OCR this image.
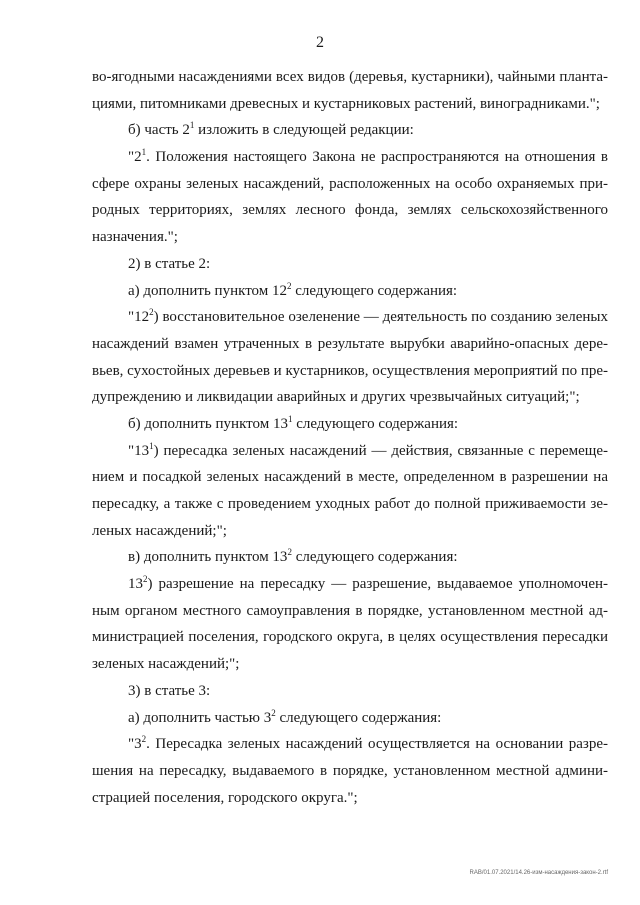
2
во-ягодными насаждениями всех видов (деревья, кустарники), чайными планта-
циями, питомниками древесных и кустарниковых растений, виноградниками.";
б) часть $2^1$ изложить в следующей редакции:
"$2^1$. Положения настоящего Закона не распространяются на отношения в
сфере охраны зеленых насаждений, расположенных на особо охраняемых при-
родных территориях, землях лесного фонда, землях сельскохозяйственного
назначения.";
2) в статье 2:
а) дополнить пунктом $12^2$ следующего содержания:
"$12^2$) восстановительное озеленение — деятельность по созданию зеленых
насаждений взамен утраченных в результате вырубки аварийно-опасных дере-
вьев, сухостойных деревьев и кустарников, осуществления мероприятий по пре-
дупреждению и ликвидации аварийных и других чрезвычайных ситуаций;";
б) дополнить пунктом $13^1$ следующего содержания:
"$13^1$) пересадка зеленых насаждений — действия, связанные с перемеще-
нием и посадкой зеленых насаждений в месте, определенном в разрешении на
пересадку, а также с проведением уходных работ до полной приживаемости зе-
леных насаждений;";
в) дополнить пунктом $13^2$ следующего содержания:
$13^2$) разрешение на пересадку — разрешение, выдаваемое уполномочен-
ным органом местного самоуправления в порядке, установленном местной ад-
министрацией поселения, городского округа, в целях осуществления пересадки
зеленых насаждений;";
3) в статье 3:
а) дополнить частью $3^2$ следующего содержания:
"$3^2$. Пересадка зеленых насаждений осуществляется на основании разре-
шения на пересадку, выдаваемого в порядке, установленном местной админи-
страцией поселения, городского округа.";
RAB/01.07.2021/14.26-изм-насаждения-закон-2.rtf
